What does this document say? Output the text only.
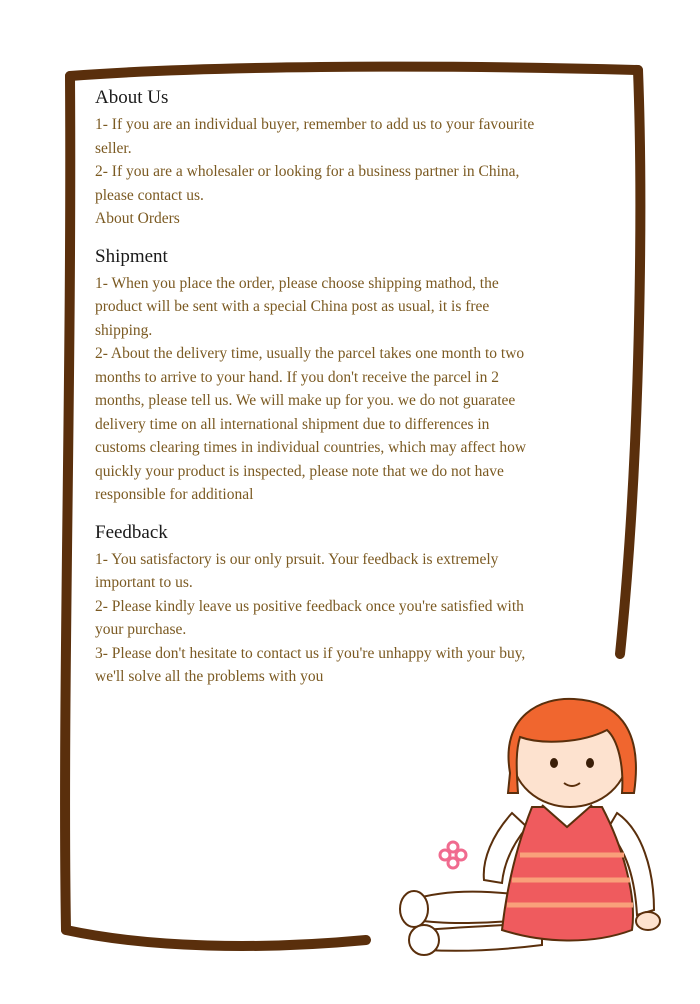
About Us

1- If you are an individual buyer, remember to add us to your favourite seller.

2- If you are a wholesaler or looking for a business partner in China, please contact us.

About Orders

Shipment

1- When you place the order, please choose shipping mathod, the product will be sent with a special China post as usual, it is free shipping.

2- About the delivery time, usually the parcel takes one month to two months to arrive to your hand. If you don't receive the parcel in 2 months, please tell us. We will make up for you. we do not guaratee delivery time on all international shipment due to differences in customs clearing times in individual countries, which may affect how quickly your product is inspected, please note that we do not have responsible for additional

Feedback

1- You satisfactory is our only prsuit. Your feedback is extremely important to us.

2- Please kindly leave us positive feedback once you're satisfied with your purchase.

3- Please don't hesitate to contact us if you're unhappy with your buy, we'll solve all the problems with you
